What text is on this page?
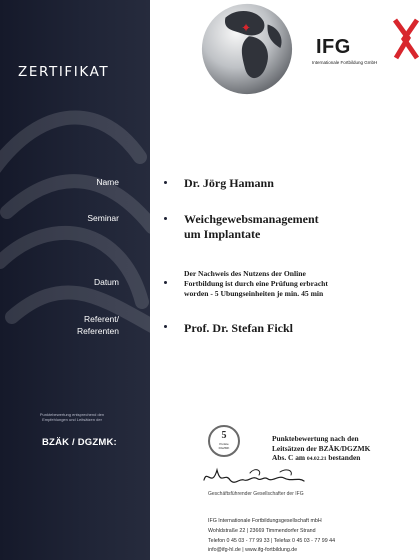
ZERTIFIKAT
Name
Seminar
Datum
Referent/
Referenten
Punktebewertung entsprechend den
Empfehlungen und Leitsätzen der
BZÄK / DGZMK:
IFG
Internationale Fortbildung GmbH
Dr. Jörg Hamann
Weichgewebsmanagement
um Implantate
Der Nachweis des Nutzens der Online
Fortbildung ist durch eine Prüfung erbracht
worden - 5 Ubungseinheiten je min. 45 min
Prof. Dr. Stefan Fickl
5
Punkte
DGZMK
Punktebewertung nach den
Leitsätzen der BZÄK/DGZMK
Abs. C am 04.02.21 bestanden
Geschäftsführender Gesellschafter der IFG
IFG Internationale Fortbildungsgesellschaft mbH
Wohldstraße 22 | 23669 Timmendorfer Strand
Telefon 0 45 03 - 77 99 33 | Telefax 0 45 03 - 77 99 44
info@ifg-hl.de | www.ifg-fortbildung.de
